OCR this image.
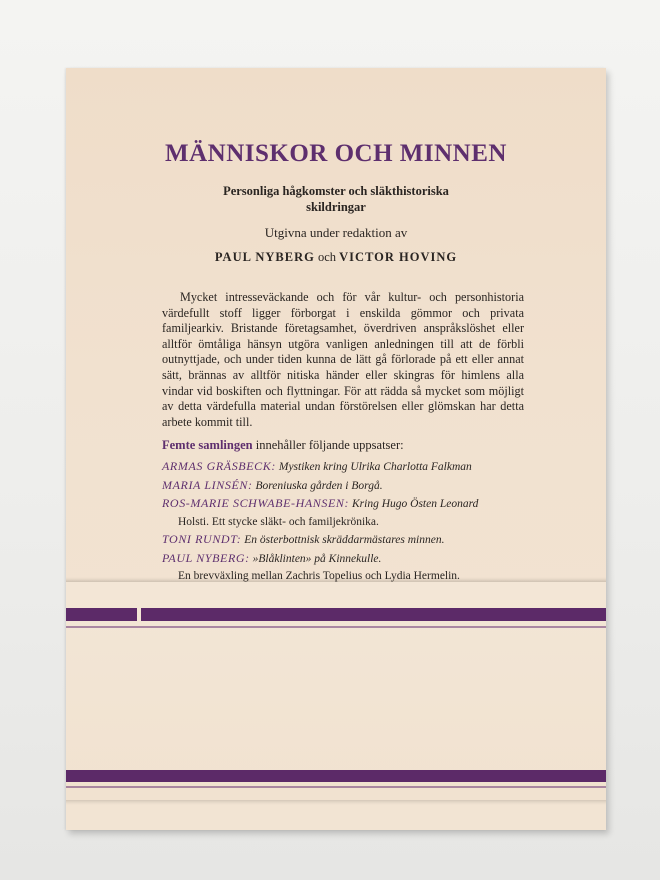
MÄNNISKOR OCH MINNEN
Personliga hågkomster och släkthistoriska skildringar
Utgivna under redaktion av
PAUL NYBERG och VICTOR HOVING
Mycket intresseväckande och för vår kultur- och personhistoria värdefullt stoff ligger förborgat i enskilda gömmor och privata familjearkiv. Bristande företagsamhet, överdriven anspråkslöshet eller alltför ömtåliga hänsyn utgöra vanligen anledningen till att de förbli outnyttjade, och under tiden kunna de lätt gå förlorade på ett eller annat sätt, brännas av alltför nitiska händer eller skingras för himlens alla vindar vid boskiften och flyttningar. För att rädda så mycket som möjligt av detta värdefulla material undan förstörelsen eller glömskan har detta arbete kommit till.
Femte samlingen innehåller följande uppsatser:

ARMAS GRÄSBECK: Mystiken kring Ulrika Charlotta Falkman

MARIA LINSÉN: Boreniuska gården i Borgå.

ROS-MARIE SCHWABE-HANSEN: Kring Hugo Östen Leonard
Holsti. Ett stycke släkt- och familjekrönika.

TONI RUNDT: En österbottnisk skräddarmästares minnen.

PAUL NYBERG: »Blåklinten» på Kinnekulle.
En brevväxling mellan Zachris Topelius och Lydia Hermelin.
